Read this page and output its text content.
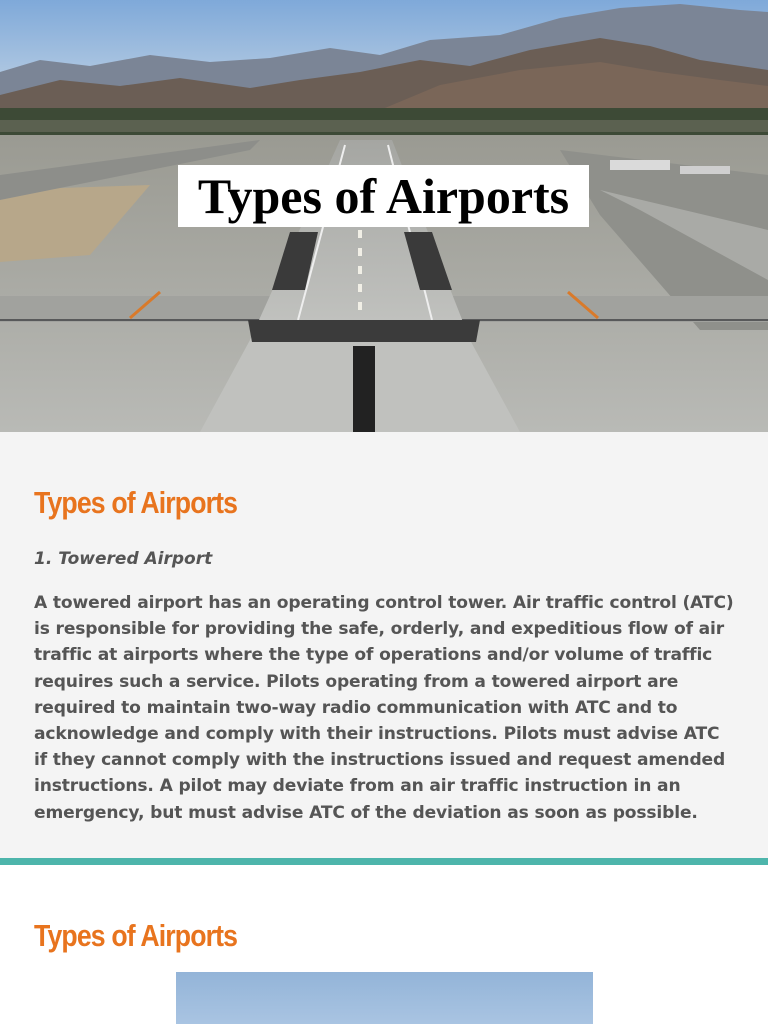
Types of Airports
Types of Airports
1. Towered Airport

A towered airport has an operating control tower. Air traffic control (ATC) is responsible for providing the safe, orderly, and expeditious flow of air traffic at airports where the type of operations and/or volume of traffic requires such a service. Pilots operating from a towered airport are required to maintain two-way radio communication with ATC and to acknowledge and comply with their instructions. Pilots must advise ATC if they cannot comply with the instructions issued and request amended instructions. A pilot may deviate from an air traffic instruction in an emergency, but must advise ATC of the deviation as soon as possible.

Types of Airports
